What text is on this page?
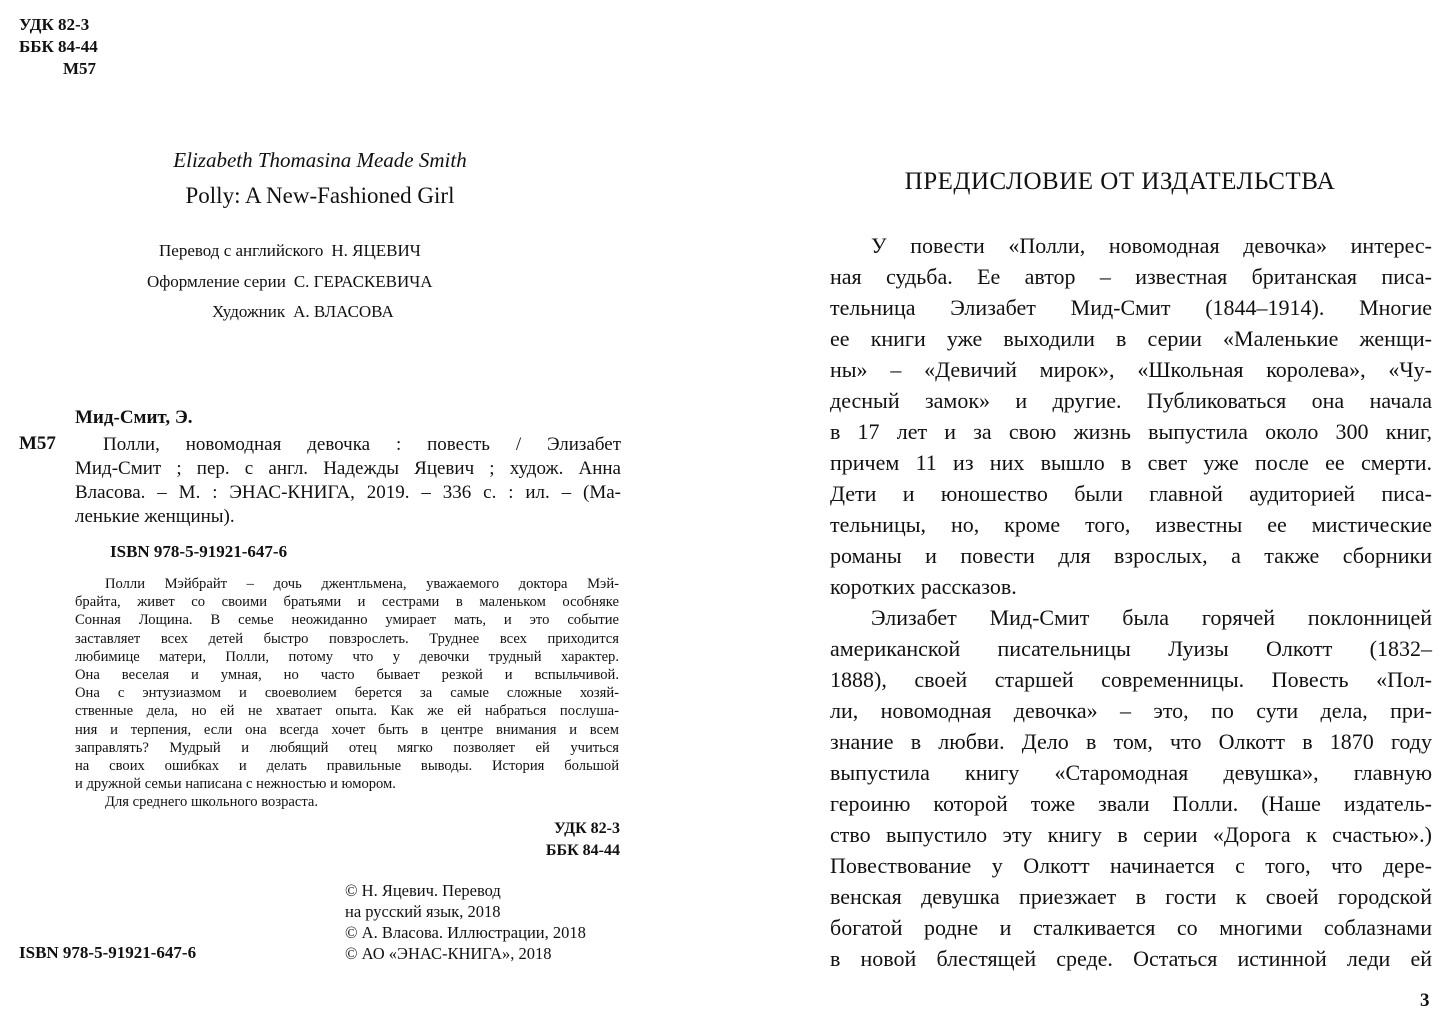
УДК 82-3
ББК 84-44
М57
Elizabeth Thomasina Meade Smith
Polly: A New-Fashioned Girl
Перевод с английского Н. ЯЦЕВИЧ
Оформление серии С. ГЕРАСКЕВИЧА
Художник А. ВЛАСОВА
Мид-Смит, Э.
М57	Полли, новомодная девочка : повесть / Элизабет
Мид-Смит ; пер. с англ. Надежды Яцевич ; худож. Анна
Власова. – М. : ЭНАС-КНИГА, 2019. – 336 с. : ил. – (Ма-
ленькие женщины).
ISBN 978-5-91921-647-6
Полли Мэйбрайт – дочь джентльмена, уважаемого доктора Мэй-
брайта, живет со своими братьями и сестрами в маленьком особняке
Сонная Лощина. В семье неожиданно умирает мать, и это событие
заставляет всех детей быстро повзрослеть. Труднее всех приходится
любимице матери, Полли, потому что у девочки трудный характер.
Она веселая и умная, но часто бывает резкой и вспыльчивой.
Она с энтузиазмом и своеволием берется за самые сложные хозяй-
ственные дела, но ей не хватает опыта. Как же ей набраться послуша-
ния и терпения, если она всегда хочет быть в центре внимания и всем
заправлять? Мудрый и любящий отец мягко позволяет ей учиться
на своих ошибках и делать правильные выводы. История большой
и дружной семьи написана с нежностью и юмором.
Для среднего школьного возраста.
УДК 82-3
ББК 84-44
© Н. Яцевич. Перевод
на русский язык, 2018
© А. Власова. Иллюстрации, 2018
© АО «ЭНАС-КНИГА», 2018
ISBN 978-5-91921-647-6
ПРЕДИСЛОВИЕ ОТ ИЗДАТЕЛЬСТВА
У повести «Полли, новомодная девочка» интерес-
ная судьба. Ее автор – известная британская писа-
тельница Элизабет Мид-Смит (1844–1914). Многие
ее книги уже выходили в серии «Маленькие женщи-
ны» – «Девичий мирок», «Школьная королева», «Чу-
десный замок» и другие. Публиковаться она начала
в 17 лет и за свою жизнь выпустила около 300 книг,
причем 11 из них вышло в свет уже после ее смерти.
Дети и юношество были главной аудиторией писа-
тельницы, но, кроме того, известны ее мистические
романы и повести для взрослых, а также сборники
коротких рассказов.
Элизабет Мид-Смит была горячей поклонницей
американской писательницы Луизы Олкотт (1832–
1888), своей старшей современницы. Повесть «Пол-
ли, новомодная девочка» – это, по сути дела, при-
знание в любви. Дело в том, что Олкотт в 1870 году
выпустила книгу «Старомодная девушка», главную
героиню которой тоже звали Полли. (Наше издатель-
ство выпустило эту книгу в серии «Дорога к счастью».)
Повествование у Олкотт начинается с того, что дере-
венская девушка приезжает в гости к своей городской
богатой родне и сталкивается со многими соблазнами
в новой блестящей среде. Остаться истинной леди ей
3
